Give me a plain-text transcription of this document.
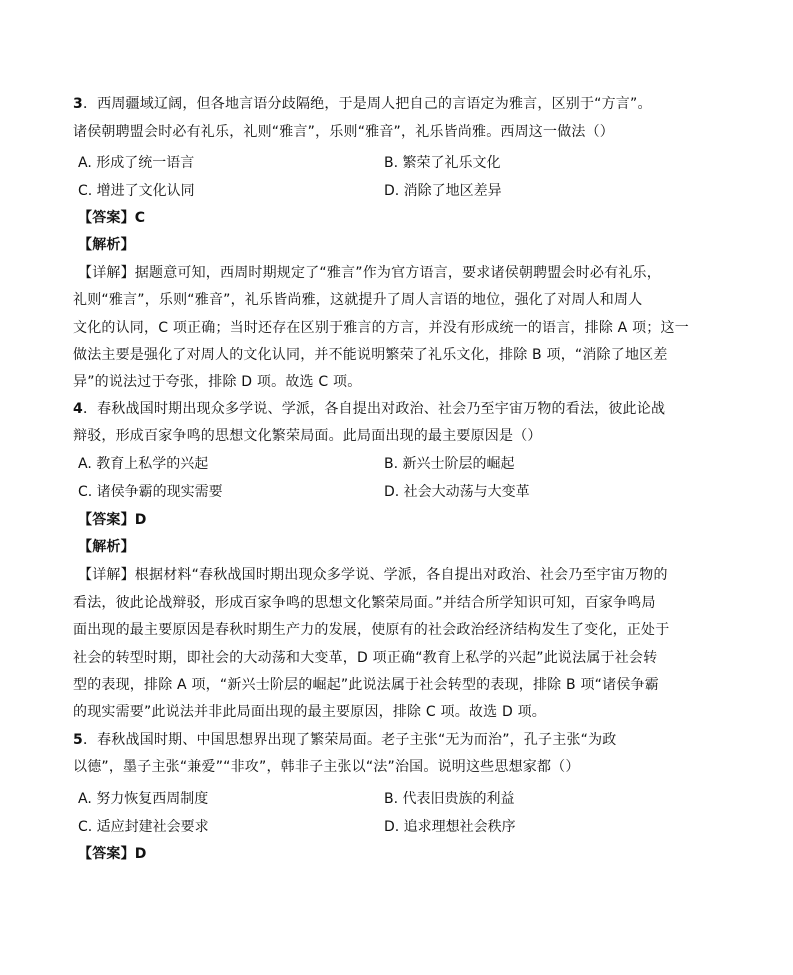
3．西周疆域辽阔，但各地言语分歧隔绝，于是周人把自己的言语定为雅言，区别于“方言”。
诸侯朝聘盟会时必有礼乐，礼则“雅言”，乐则“雅音”，礼乐皆尚雅。西周这一做法（）
A. 形成了统一语言	B. 繁荣了礼乐文化
C. 增进了文化认同	D. 消除了地区差异
【答案】C
【解析】
【详解】据题意可知，西周时期规定了“雅言”作为官方语言，要求诸侯朝聘盟会时必有礼乐，
礼则“雅言”，乐则“雅音”，礼乐皆尚雅，这就提升了周人言语的地位，强化了对周人和周人
文化的认同，C 项正确；当时还存在区别于雅言的方言，并没有形成统一的语言，排除 A 项；这一
做法主要是强化了对周人的文化认同，并不能说明繁荣了礼乐文化，排除 B 项，“消除了地区差
异”的说法过于夸张，排除 D 项。故选 C 项。
4．春秋战国时期出现众多学说、学派，各自提出对政治、社会乃至宇宙万物的看法，彼此论战
辩驳，形成百家争鸣的思想文化繁荣局面。此局面出现的最主要原因是（）
A. 教育上私学的兴起	B. 新兴士阶层的崛起
C. 诸侯争霸的现实需要	D. 社会大动荡与大变革
【答案】D
【解析】
【详解】根据材料“春秋战国时期出现众多学说、学派，各自提出对政治、社会乃至宇宙万物的
看法，彼此论战辩驳，形成百家争鸣的思想文化繁荣局面。”并结合所学知识可知，百家争鸣局
面出现的最主要原因是春秋时期生产力的发展，使原有的社会政治经济结构发生了变化，正处于
社会的转型时期，即社会的大动荡和大变革，D 项正确“教育上私学的兴起”此说法属于社会转
型的表现，排除 A 项，“新兴士阶层的崛起”此说法属于社会转型的表现，排除 B 项“诸侯争霸
的现实需要”此说法并非此局面出现的最主要原因，排除 C 项。故选 D 项。
5．春秋战国时期、中国思想界出现了繁荣局面。老子主张“无为而治”，孔子主张“为政
以德”，墨子主张“兼爱”“非攻”，韩非子主张以“法”治国。说明这些思想家都（）
A. 努力恢复西周制度	B. 代表旧贵族的利益
C. 适应封建社会要求	D. 追求理想社会秩序
【答案】D
